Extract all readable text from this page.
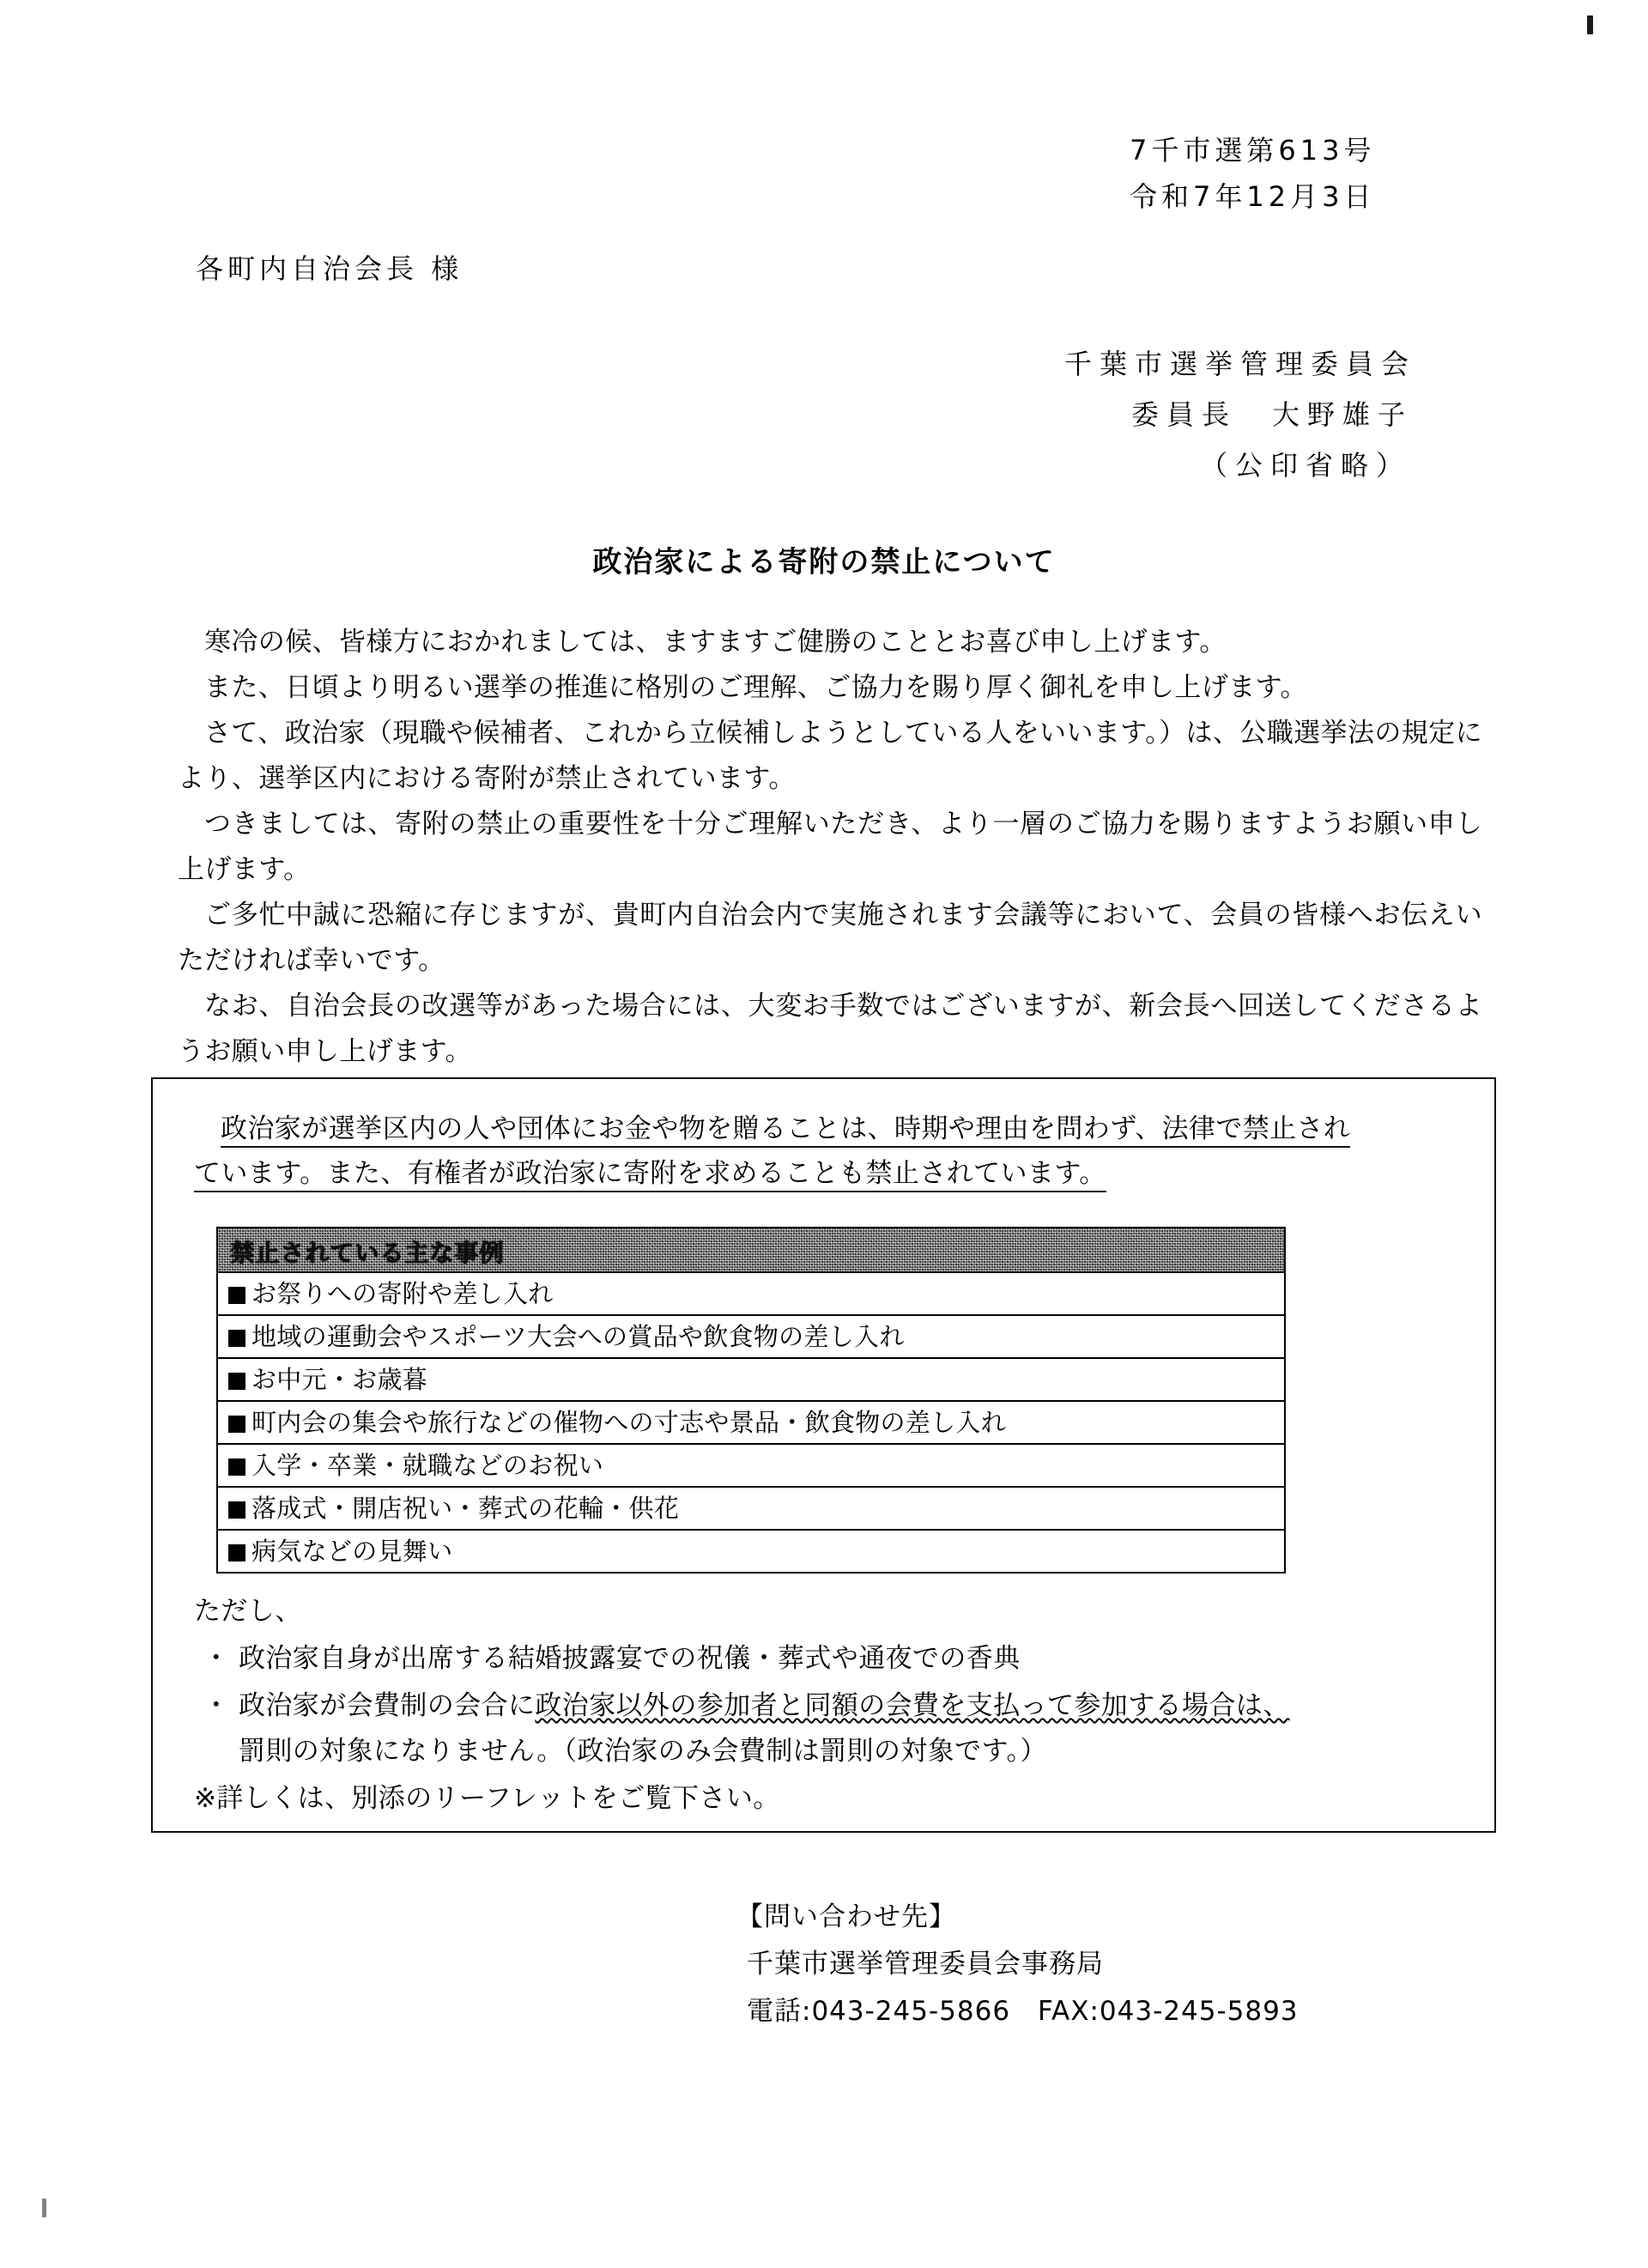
7千市選第613号
令和7年12月3日
各町内自治会長 様
千葉市選挙管理委員会
委員長　大野雄子
（公印省略）
政治家による寄附の禁止について

寒冷の候、皆様方におかれましては、ますますご健勝のこととお喜び申し上げます。

また、日頃より明るい選挙の推進に格別のご理解、ご協力を賜り厚く御礼を申し上げます。

さて、政治家（現職や候補者、これから立候補しようとしている人をいいます。）は、公職選挙法の規定により、選挙区内における寄附が禁止されています。

つきましては、寄附の禁止の重要性を十分ご理解いただき、より一層のご協力を賜りますようお願い申し上げます。

ご多忙中誠に恐縮に存じますが、貴町内自治会内で実施されます会議等において、会員の皆様へお伝えいただければ幸いです。

なお、自治会長の改選等があった場合には、大変お手数ではございますが、新会長へ回送してくださるようお願い申し上げます。

政治家が選挙区内の人や団体にお金や物を贈ることは、時期や理由を問わず、法律で禁止され

ています。また、有権者が政治家に寄附を求めることも禁止されています。

禁止されている主な事例
お祭りへの寄附や差し入れ
地域の運動会やスポーツ大会への賞品や飲食物の差し入れ
お中元・お歳暮
町内会の集会や旅行などの催物への寸志や景品・飲食物の差し入れ
入学・卒業・就職などのお祝い
落成式・開店祝い・葬式の花輪・供花
病気などの見舞い

ただし、

・ 政治家自身が出席する結婚披露宴での祝儀・葬式や通夜での香典
・ 政治家が会費制の会合に政治家以外の参加者と同額の会費を支払って参加する場合は、
罰則の対象になりません。（政治家のみ会費制は罰則の対象です。）

※詳しくは、別添のリーフレットをご覧下さい。

【問い合わせ先】
千葉市選挙管理委員会事務局
電話:043-245-5866　FAX:043-245-5893
